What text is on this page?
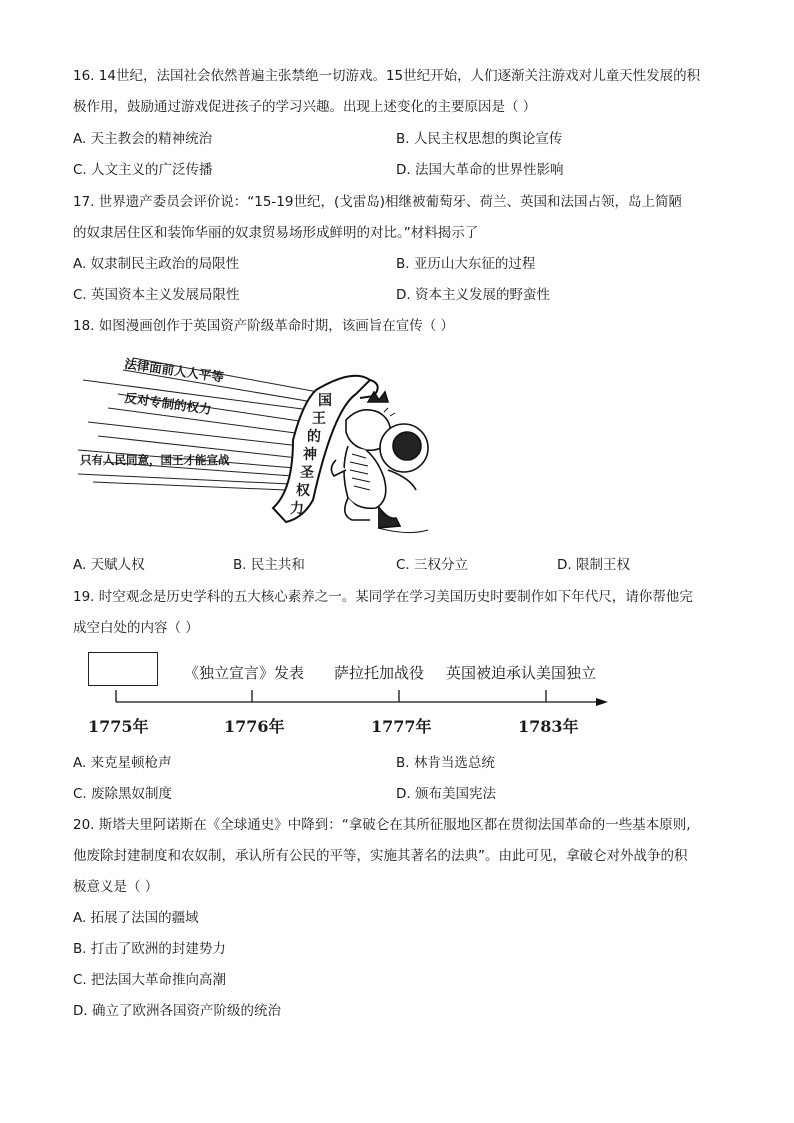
16. 14世纪，法国社会依然普遍主张禁绝一切游戏。15世纪开始，人们逐渐关注游戏对儿童天性发展的积
极作用，鼓励通过游戏促进孩子的学习兴趣。出现上述变化的主要原因是（ ）
A. 天主教会的精神统治	B. 人民主权思想的舆论宣传
C. 人文主义的广泛传播	D. 法国大革命的世界性影响
17. 世界遗产委员会评价说：“15-19世纪，(戈雷岛)相继被葡萄牙、荷兰、英国和法国占领，岛上简陋
的奴隶居住区和装饰华丽的奴隶贸易场形成鲜明的对比。”材料揭示了
A. 奴隶制民主政治的局限性	B. 亚历山大东征的过程
C. 英国资本主义发展局限性	D. 资本主义发展的野蛮性
18. 如图漫画创作于英国资产阶级革命时期，该画旨在宣传（ ）
法律面前人人平等
反对专制的权力
只有人民同意，国王才能宣战
国
王
的
神
圣
权
力
A. 天赋人权	B. 民主共和	C. 三权分立	D. 限制王权
19. 时空观念是历史学科的五大核心素养之一。某同学在学习美国历史时要制作如下年代尺，请你帮他完
成空白处的内容（ ）
《独立宣言》发表 萨拉托加战役 英国被迫承认美国独立
1775年	1776年	1777年	1783年
A. 来克星顿枪声	B. 林肯当选总统
C. 废除黑奴制度	D. 颁布美国宪法
20. 斯塔夫里阿诺斯在《全球通史》中降到：“拿破仑在其所征服地区都在贯彻法国革命的一些基本原则,
他废除封建制度和农奴制，承认所有公民的平等，实施其著名的法典”。由此可见，拿破仑对外战争的积
极意义是（ ）
A. 拓展了法国的疆域
B. 打击了欧洲的封建势力
C. 把法国大革命推向高潮
D. 确立了欧洲各国资产阶级的统治
